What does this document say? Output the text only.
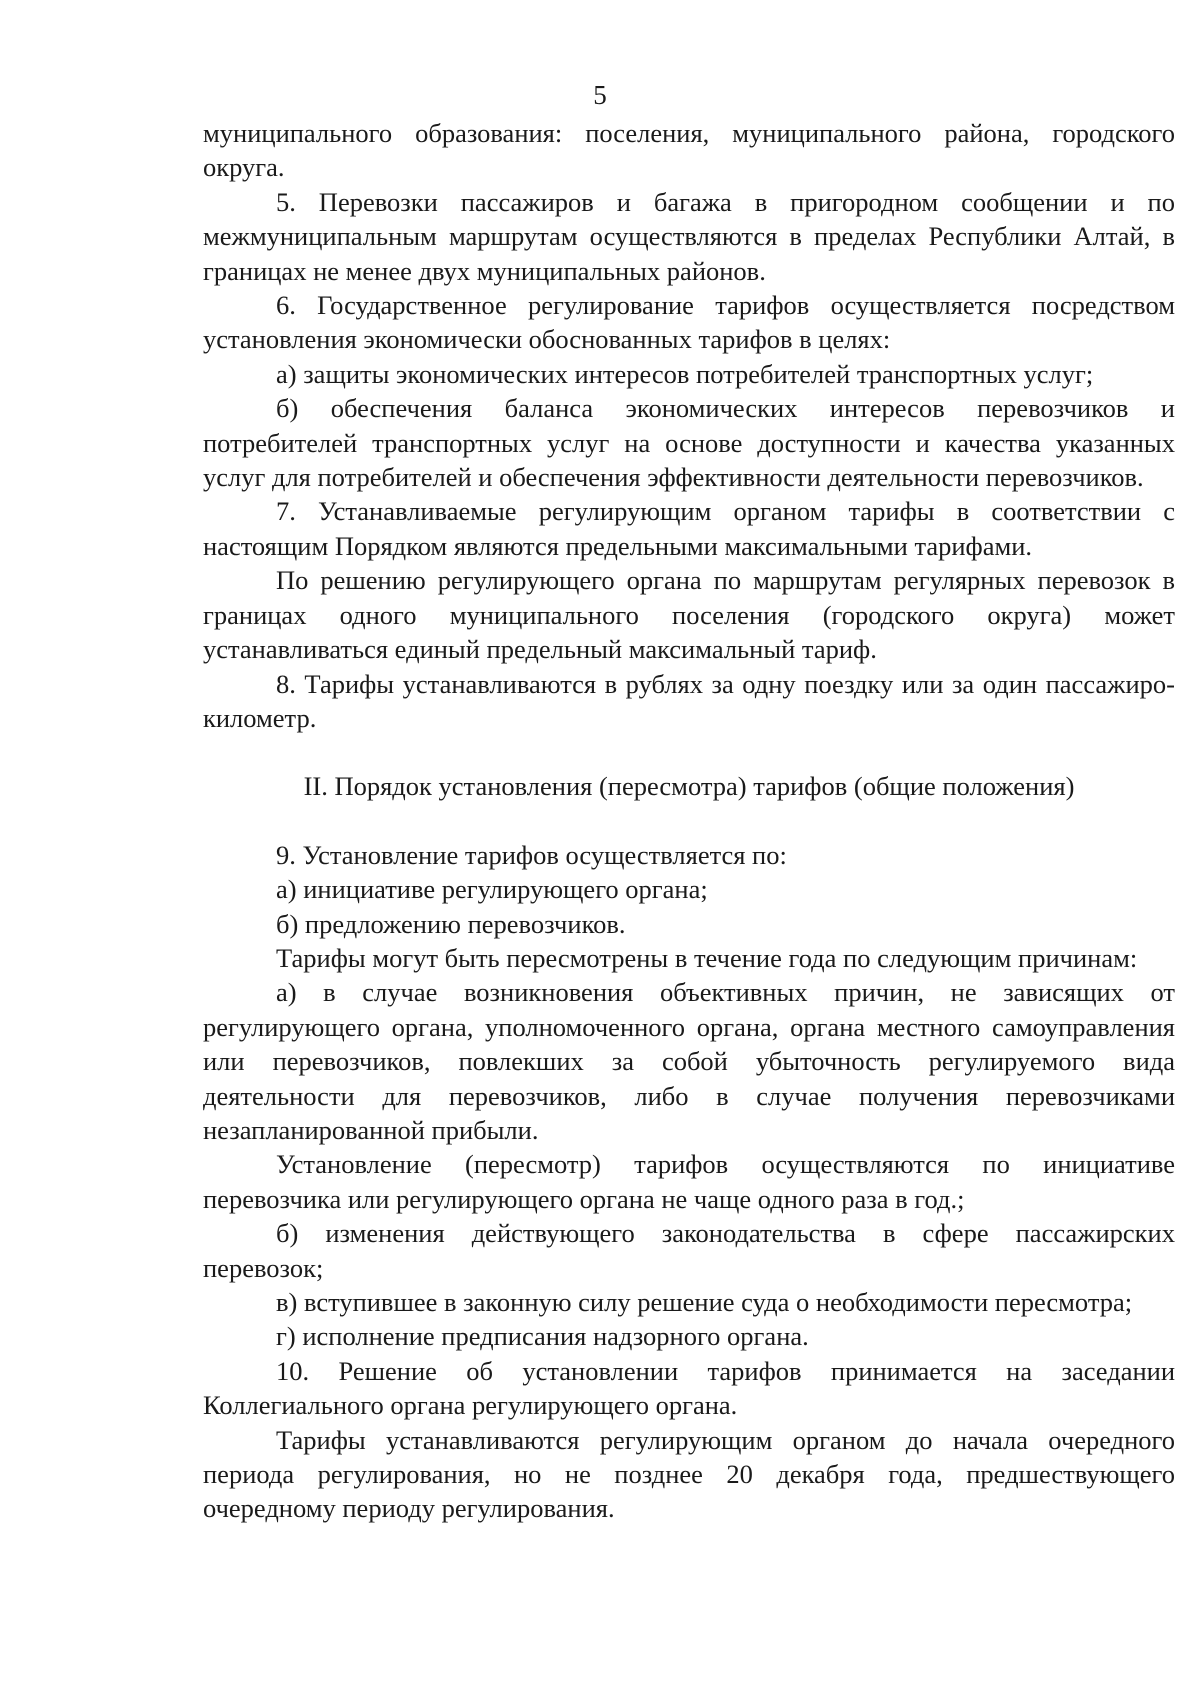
5

муниципального образования: поселения, муниципального района, городского округа.

5. Перевозки пассажиров и багажа в пригородном сообщении и по межмуниципальным маршрутам осуществляются в пределах Республики Алтай, в границах не менее двух муниципальных районов.

6. Государственное регулирование тарифов осуществляется посредством установления экономически обоснованных тарифов в целях:

а) защиты экономических интересов потребителей транспортных услуг;

б) обеспечения баланса экономических интересов перевозчиков и потребителей транспортных услуг на основе доступности и качества указанных услуг для потребителей и обеспечения эффективности деятельности перевозчиков.

7. Устанавливаемые регулирующим органом тарифы в соответствии с настоящим Порядком являются предельными максимальными тарифами.

По решению регулирующего органа по маршрутам регулярных перевозок в границах одного муниципального поселения (городского округа) может устанавливаться единый предельный максимальный тариф.

8. Тарифы устанавливаются в рублях за одну поездку или за один пассажиро-километр.

II. Порядок установления (пересмотра) тарифов (общие положения)

9. Установление тарифов осуществляется по:

а) инициативе регулирующего органа;

б) предложению перевозчиков.

Тарифы могут быть пересмотрены в течение года по следующим причинам:

а) в случае возникновения объективных причин, не зависящих от регулирующего органа, уполномоченного органа, органа местного самоуправления или перевозчиков, повлекших за собой убыточность регулируемого вида деятельности для перевозчиков, либо в случае получения перевозчиками незапланированной прибыли.

Установление (пересмотр) тарифов осуществляются по инициативе перевозчика или регулирующего органа не чаще одного раза в год.;

б) изменения действующего законодательства в сфере пассажирских перевозок;

в) вступившее в законную силу решение суда о необходимости пересмотра;

г) исполнение предписания надзорного органа.

10. Решение об установлении тарифов принимается на заседании Коллегиального органа регулирующего органа.

Тарифы устанавливаются регулирующим органом до начала очередного периода регулирования, но не позднее 20 декабря года, предшествующего очередному периоду регулирования.
